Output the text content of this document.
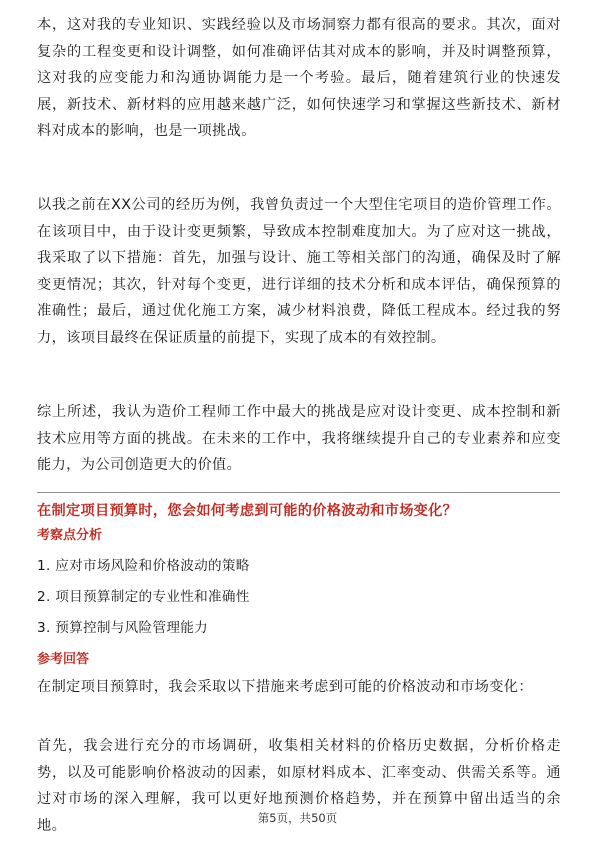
本，这对我的专业知识、实践经验以及市场洞察力都有很高的要求。其次，面对复杂的工程变更和设计调整，如何准确评估其对成本的影响，并及时调整预算，这对我的应变能力和沟通协调能力是一个考验。最后，随着建筑行业的快速发展，新技术、新材料的应用越来越广泛，如何快速学习和掌握这些新技术、新材料对成本的影响，也是一项挑战。

以我之前在XX公司的经历为例，我曾负责过一个大型住宅项目的造价管理工作。在该项目中，由于设计变更频繁，导致成本控制难度加大。为了应对这一挑战，我采取了以下措施：首先，加强与设计、施工等相关部门的沟通，确保及时了解变更情况；其次，针对每个变更，进行详细的技术分析和成本评估，确保预算的准确性；最后，通过优化施工方案，减少材料浪费，降低工程成本。经过我的努力，该项目最终在保证质量的前提下，实现了成本的有效控制。

综上所述，我认为造价工程师工作中最大的挑战是应对设计变更、成本控制和新技术应用等方面的挑战。在未来的工作中，我将继续提升自己的专业素养和应变能力，为公司创造更大的价值。

在制定项目预算时，您会如何考虑到可能的价格波动和市场变化？

考察点分析

1. 应对市场风险和价格波动的策略

2. 项目预算制定的专业性和准确性

3. 预算控制与风险管理能力

参考回答

在制定项目预算时，我会采取以下措施来考虑到可能的价格波动和市场变化：

首先，我会进行充分的市场调研，收集相关材料的价格历史数据，分析价格走势，以及可能影响价格波动的因素，如原材料成本、汇率变动、供需关系等。通过对市场的深入理解，我可以更好地预测价格趋势，并在预算中留出适当的余地。	第5页，共50页
